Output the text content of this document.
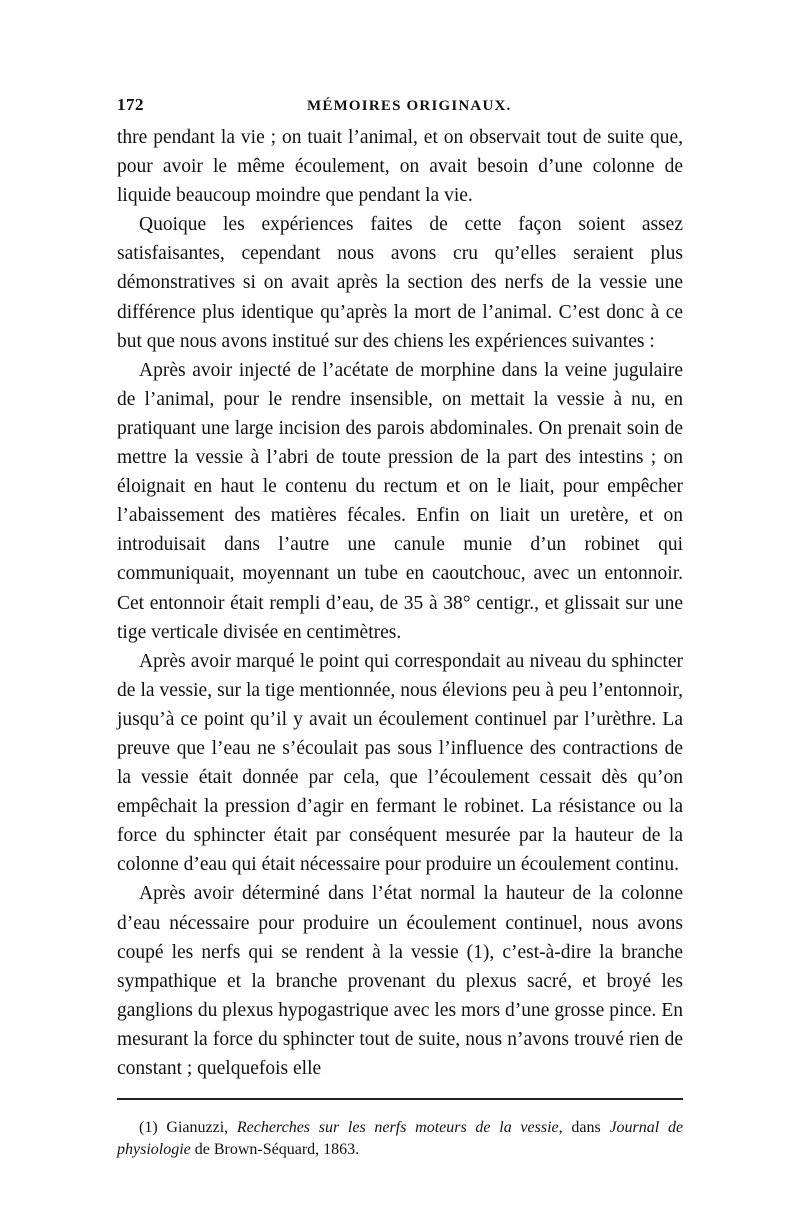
172	MÉMOIRES ORIGINAUX.

thre pendant la vie ; on tuait l’animal, et on observait tout de suite que, pour avoir le même écoulement, on avait besoin d’une colonne de liquide beaucoup moindre que pendant la vie.

Quoique les expériences faites de cette façon soient assez satisfaisantes, cependant nous avons cru qu’elles seraient plus démonstratives si on avait après la section des nerfs de la vessie une différence plus identique qu’après la mort de l’animal. C’est donc à ce but que nous avons institué sur des chiens les expériences suivantes :

Après avoir injecté de l’acétate de morphine dans la veine jugulaire de l’animal, pour le rendre insensible, on mettait la vessie à nu, en pratiquant une large incision des parois abdominales. On prenait soin de mettre la vessie à l’abri de toute pression de la part des intestins ; on éloignait en haut le contenu du rectum et on le liait, pour empêcher l’abaissement des matières fécales. Enfin on liait un uretère, et on introduisait dans l’autre une canule munie d’un robinet qui communiquait, moyennant un tube en caoutchouc, avec un entonnoir. Cet entonnoir était rempli d’eau, de 35 à 38° centigr., et glissait sur une tige verticale divisée en centimètres.

Après avoir marqué le point qui correspondait au niveau du sphincter de la vessie, sur la tige mentionnée, nous élevions peu à peu l’entonnoir, jusqu’à ce point qu’il y avait un écoulement continuel par l’urèthre. La preuve que l’eau ne s’écoulait pas sous l’influence des contractions de la vessie était donnée par cela, que l’écoulement cessait dès qu’on empêchait la pression d’agir en fermant le robinet. La résistance ou la force du sphincter était par conséquent mesurée par la hauteur de la colonne d’eau qui était nécessaire pour produire un écoulement continu.

Après avoir déterminé dans l’état normal la hauteur de la colonne d’eau nécessaire pour produire un écoulement continuel, nous avons coupé les nerfs qui se rendent à la vessie (1), c’est-à-dire la branche sympathique et la branche provenant du plexus sacré, et broyé les ganglions du plexus hypogastrique avec les mors d’une grosse pince. En mesurant la force du sphincter tout de suite, nous n’avons trouvé rien de constant ; quelquefois elle

(1) Gianuzzi, Recherches sur les nerfs moteurs de la vessie, dans Journal de physiologie de Brown-Séquard, 1863.
